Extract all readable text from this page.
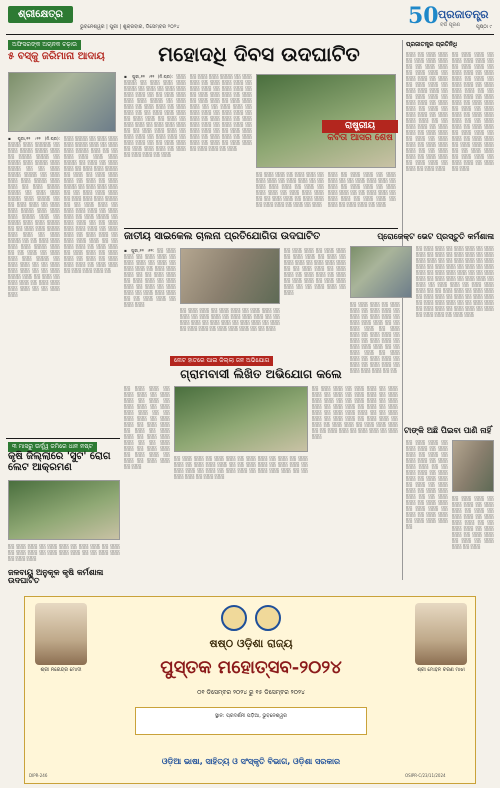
ଶ୍ରୀକ୍ଷେତ୍ର
ଭୁବନେଶ୍ୱର | ପୁରୀ | ଶୁକ୍ରବାର, ଡିସେମ୍ବର ୨୦୨୪	50 ପ୍ରଜାତନ୍ତ୍ର
ବର୍ଷ ପୂରଣ	ପୃଷ୍ଠା ୯
ଅଫିସରଙ୍କ ଅଚାନକ ଚଢ଼ାଉ
୫ ବସ୍‌କୁ ଜରିମାନା ଆଦାୟ
▪ ପୁରୀ,୧୨ ।୧୨ (ନି.ପ୍ର): ░░░░ ░░░ ░░░░░ ░░ ░░░ ░░░░ ░░░░ ░░░ ░░ ░░░░ ░░░░ ░░ ░░░░ ░░░ ░░░░ ░░░ ░░░░ ░░ ░░ ░░░ ░░░░ ░░░░ ░░ ░░░ ░░░ ░░░ ░░░░ ░░░ ░░░ ░░ ░░░ ░░░░ ░░░░ ░░ ░░░ ░░░ ░░░░ ░░░ ░░░░ ░░ ░░ ░░░ ░░░ ░░ ░░░ ░░░ ░░░░ ░░░ ░░░ ░░░ ░░░░ ░░░ ░░ ░░░░ ░░░ ░░░ ░░░░ ░░ ░░ ░░░ ░░░ ░░░░ ░░░ ░░░ ░░ ░░░ ░░░░ ░░ ░░ ░░░ ░░░ ░░░ ░░░ ░░░░ ░░░ ░░ ░░ ░░░ ░░ ░░░ ░░░ ░░░ ░░░░ ░░ ░░░ ░░░ ░░ ░░ ░░░ ░░░ ░░░ ░░ ░░ ░░░ ░░░░ ░░░ ░░ ░░░ ░░ ░░░ ░░░ ░░ ░░░ ░░░ ░░░ ░░░ ░░ ░░ ░░░ ░░░
░░░ ░░░░ ░░ ░░░ ░░░ ░░░ ░░░░ ░░░ ░░ ░░░ ░░░ ░░░░ ░░░ ░░ ░░ ░░░ ░░░ ░░░ ░░░ ░░░░ ░░ ░░░ ░░ ░░░ ░░░ ░░ ░░░ ░░░ ░░░░ ░░ ░░░ ░░ ░░░ ░░░ ░░░ ░░ ░░░ ░░ ░░░ ░░░░ ░░ ░░░ ░░░ ░░░ ░░ ░░ ░░░ ░░░ ░░░ ░░ ░░░ ░░░ ░░░ ░░░░ ░░ ░░ ░░░ ░░░ ░░ ░░░ ░░░ ░░░ ░░ ░░░ ░░░ ░░ ░░░ ░░░░ ░░ ░░░ ░░░ ░░ ░░ ░░░ ░░░ ░░░ ░░░ ░░ ░░░ ░░░ ░░ ░░░ ░░░ ░░ ░░░ ░░░ ░░░ ░░ ░░ ░░░ ░░░ ░░ ░░░ ░░░ ░░ ░░░ ░░░ ░░ ░░░ ░░░ ░░ ░░░ ░░ ░░░ ░░░ ░░░ ░░ ░░░ ░░░ ░░ ░░░ ░░░ ░░░ ░░
ମହୋଦଧି ଦିବସ ଉଦଘାଟିତ
▪ ପୁରୀ,୧୨ ।୧୨ (ନି.ପ୍ର): ░░░ ░░░░ ░░ ░░░ ░░░ ░░░ ░░░░ ░░ ░░░ ░░ ░░░ ░░░ ░░░ ░░░ ░░ ░░ ░░░ ░░░ ░░░ ░░░ ░░░░ ░░ ░░░ ░░░ ░░ ░░░ ░░░ ░░ ░░░ ░░░ ░░ ░░ ░░░ ░░░ ░░░ ░░ ░░░ ░░░ ░░ ░░░ ░░ ░░░ ░░░ ░░ ░░░ ░░░ ░░░ ░░ ░░ ░░░ ░░░ ░░░ ░░ ░░░ ░░░ ░░ ░░░ ░░░ ░░ ░░░ ░░░ ░░ ░░ ░░░ ░░░ ░░ ░░░ ░░░ ░░░ ░░ ░░░ ░░ ░░░ ░░░ ░░ ░░░
░░ ░░░ ░░░ ░░░░ ░░ ░░░ ░░░ ░░ ░░░ ░░░ ░░░ ░░ ░░░ ░░░ ░░ ░░░ ░░░ ░░ ░░ ░░░ ░░░ ░░░ ░░ ░░░ ░░ ░░░ ░░░ ░░ ░░░ ░░░ ░░░ ░░ ░░ ░░░ ░░░ ░░ ░░░ ░░░ ░░ ░░░ ░░░ ░░ ░░░ ░░ ░░░ ░░░ ░░ ░░░ ░░░ ░░░ ░░ ░░░ ░░░ ░░ ░░░ ░░░ ░░ ░░ ░░░ ░░░ ░░░ ░░ ░░░ ░░░ ░░ ░░░ ░░░ ░░ ░░░ ░░ ░░░ ░░░ ░░ ░░░ ░░░ ░░ ░░░
░░ ░░░ ░░░ ░░ ░░░ ░░░ ░░ ░░░ ░░░ ░░ ░░░ ░░░ ░░ ░░ ░░░ ░░░ ░░░ ░░ ░░░ ░░ ░░░ ░░░ ░░ ░░░ ░░░ ░░░ ░░ ░░ ░░░ ░░░ ░░ ░░░ ░░░ ░░ ░░░ ░░░ ░░ ░░░ ░░ ░░░
░░░ ░░ ░░░ ░░░ ░░ ░░░ ░░░ ░░ ░░ ░░░ ░░░ ░░░ ░░ ░░░ ░░ ░░░ ░░░ ░░ ░░░ ░░░ ░░░ ░░ ░░ ░░░ ░░░ ░░ ░░░ ░░░ ░░ ░░░ ░░░ ░░ ░░░ ░░ ░░░ ░░░ ░░ ░░░
ରାଷ୍ଟ୍ରୀୟ
କବିତା ଆସର ଶେଷ
ପ୍ରଜାତନ୍ତ୍ର ପ୍ରତିନିଧି
░░░ ░░ ░░░ ░░░ ░░ ░░░ ░░░ ░░░ ░░ ░░ ░░░ ░░░ ░░ ░░░ ░░░ ░░ ░░░ ░░░ ░░ ░░░ ░░ ░░░ ░░░ ░░ ░░░ ░░░ ░░░ ░░ ░░ ░░░ ░░░ ░░ ░░░ ░░░ ░░ ░░░ ░░░ ░░ ░░░ ░░ ░░░ ░░░ ░░ ░░░ ░░░ ░░░ ░░ ░░ ░░░ ░░░ ░░ ░░░ ░░░ ░░ ░░░ ░░░ ░░ ░░░ ░░ ░░░ ░░░ ░░ ░░░ ░░░ ░░░ ░░ ░░ ░░░ ░░░ ░░ ░░░ ░░░ ░░ ░░░ ░░░ ░░ ░░░ ░░ ░░░ ░░░
░░ ░░░ ░░░ ░░ ░░░ ░░░ ░░░ ░░ ░░ ░░░ ░░░ ░░ ░░░ ░░░ ░░ ░░░ ░░░ ░░ ░░░ ░░ ░░░ ░░░ ░░ ░░░ ░░░ ░░░ ░░ ░░ ░░░ ░░░ ░░ ░░░ ░░░ ░░ ░░░ ░░░ ░░ ░░░ ░░ ░░░ ░░░ ░░ ░░░ ░░░ ░░░ ░░ ░░ ░░░ ░░░ ░░ ░░░ ░░░ ░░ ░░░ ░░░ ░░ ░░░ ░░ ░░░ ░░░ ░░ ░░░ ░░░ ░░░ ░░ ░░ ░░░ ░░░ ░░ ░░░ ░░░ ░░ ░░░ ░░░ ░░ ░░░ ░░ ░░░
ଜାତୀୟ ସାଇକେଲ ଚାଲନା ପ୍ରତିଯୋଗିତା ଉଦଘାଟିତ
▪ ପୁରୀ,୧୨ ।୧୨: ░░ ░░░ ░░░ ░░ ░░░ ░░░ ░░ ░░░ ░░░ ░░ ░░░ ░░ ░░░ ░░░ ░░ ░░░ ░░░ ░░░ ░░ ░░ ░░░ ░░░ ░░ ░░░ ░░░ ░░ ░░░ ░░░ ░░ ░░░ ░░ ░░░ ░░░ ░░ ░░░ ░░░ ░░░ ░░ ░░ ░░░ ░░░ ░░ ░░░ ░░░
░░ ░░░ ░░░ ░░ ░░░ ░░░ ░░ ░░░ ░░░ ░░ ░░░ ░░ ░░░ ░░░ ░░ ░░░ ░░░ ░░░ ░░ ░░ ░░░ ░░░ ░░ ░░░ ░░░ ░░ ░░░ ░░░ ░░ ░░░ ░░ ░░░ ░░░ ░░ ░░░ ░░░ ░░░ ░░ ░░ ░░░ ░░░ ░░ ░░░
░░ ░░░ ░░░ ░░ ░░░ ░░░ ░░ ░░░ ░░░ ░░ ░░░ ░░ ░░░ ░░░ ░░ ░░░ ░░░ ░░░ ░░ ░░ ░░░ ░░░ ░░ ░░░ ░░░ ░░ ░░░ ░░░ ░░ ░░░ ░░ ░░░ ░░░ ░░ ░░░ ░░░ ░░░ ░░ ░░ ░░░
ପ୍ରୋଜେକ୍ଟ ଭେଟ ପ୍ରସ୍ତୁତି କର୍ମଶାଳା
░░ ░░░ ░░░ ░░ ░░░ ░░░ ░░ ░░░ ░░░ ░░ ░░░ ░░ ░░░ ░░░ ░░ ░░░ ░░░ ░░░ ░░ ░░ ░░░ ░░░ ░░ ░░░ ░░░ ░░ ░░░ ░░░ ░░ ░░░ ░░ ░░░ ░░░ ░░ ░░░ ░░░ ░░░ ░░ ░░ ░░░ ░░░ ░░ ░░░ ░░░ ░░ ░░░ ░░░ ░░ ░░░ ░░ ░░░ ░░░ ░░ ░░░ ░░░ ░░░ ░░ ░░
░░ ░░░ ░░░ ░░ ░░░ ░░░ ░░ ░░░ ░░░ ░░ ░░░ ░░ ░░░ ░░░ ░░ ░░░ ░░░ ░░░ ░░ ░░ ░░░ ░░░ ░░ ░░░ ░░░ ░░ ░░░ ░░░ ░░ ░░░ ░░ ░░░ ░░░ ░░ ░░░ ░░░ ░░░ ░░ ░░ ░░░ ░░░ ░░ ░░░ ░░░ ░░ ░░░ ░░░ ░░ ░░░ ░░ ░░░ ░░░ ░░ ░░░ ░░░ ░░░ ░░ ░░ ░░░ ░░░ ░░ ░░░ ░░░ ░░ ░░░ ░░░ ░░ ░░░ ░░ ░░░ ░░░ ░░ ░░░ ░░░ ░░░ ░░ ░░ ░░░ ░░░ ░░ ░░░ ░░░ ░░ ░░░ ░░░ ░░ ░░░ ░░ ░░░ ░░░ ░░ ░░░ ░░░
ନୋଟ ହାତରେ ପାଇ ଜିଲ୍ଲା ଜନ ଅଭିଯୋଗ
ଗ୍ରାମବାସୀ ଲିଖିତ ଅଭିଯୋଗ କଲେ
░░ ░░░ ░░░ ░░ ░░░ ░░░ ░░ ░░░ ░░░ ░░ ░░░ ░░ ░░░ ░░░ ░░ ░░░ ░░░ ░░░ ░░ ░░ ░░░ ░░░ ░░ ░░░ ░░░ ░░ ░░░ ░░░ ░░ ░░░ ░░ ░░░ ░░░ ░░ ░░░ ░░░ ░░░ ░░ ░░ ░░░ ░░░ ░░ ░░░ ░░░ ░░ ░░░ ░░░ ░░ ░░░ ░░ ░░░ ░░░ ░░ ░░░
░░ ░░░ ░░░ ░░ ░░░ ░░░ ░░ ░░░ ░░░ ░░ ░░░ ░░ ░░░ ░░░ ░░ ░░░ ░░░ ░░░ ░░ ░░ ░░░ ░░░ ░░ ░░░ ░░░ ░░ ░░░ ░░░ ░░ ░░░ ░░ ░░░ ░░░ ░░ ░░░ ░░░ ░░░ ░░ ░░ ░░░ ░░░ ░░ ░░░ ░░░ ░░ ░░░ ░░░ ░░ ░░░ ░░ ░░░ ░░░ ░░ ░░░ ░░░ ░░░ ░░ ░░ ░░░ ░░░ ░░ ░░░ ░░░ ░░ ░░░ ░░░
░░ ░░░ ░░░ ░░ ░░░ ░░░ ░░ ░░░ ░░░ ░░ ░░░ ░░ ░░░ ░░░ ░░ ░░░ ░░░ ░░░ ░░ ░░ ░░░ ░░░ ░░ ░░░ ░░░ ░░ ░░░ ░░░ ░░ ░░░ ░░ ░░░ ░░░ ░░ ░░░ ░░░ ░░░ ░░ ░░ ░░░ ░░░ ░░ ░░░ ░░░
ଟାଙ୍କି ଅଛି ପିଇବା ପାଣି ନାହିଁ
░░ ░░░ ░░░ ░░ ░░░ ░░░ ░░ ░░░ ░░░ ░░ ░░░ ░░ ░░░ ░░░ ░░ ░░░ ░░░ ░░░ ░░ ░░ ░░░ ░░░ ░░ ░░░ ░░░ ░░ ░░░ ░░░ ░░ ░░░ ░░ ░░░ ░░░ ░░ ░░░ ░░░ ░░░ ░░ ░░ ░░░ ░░░ ░░ ░░░ ░░░ ░░ ░░░ ░░░ ░░ ░░░ ░░ ░░░ ░░░ ░░ ░░░ ░░░ ░░░ ░░
░░ ░░░ ░░░ ░░ ░░░ ░░░ ░░ ░░░ ░░░ ░░ ░░░ ░░ ░░░ ░░░ ░░ ░░░ ░░░ ░░░ ░░ ░░ ░░░ ░░░ ░░ ░░░ ░░░ ░░ ░░░ ░░░ ░░ ░░░ ░░ ░░░ ░░░ ░░ ░░░
୩ ମାସରୁ ଊର୍ଦ୍ଧ୍ୱ ଜମିରେ ଧାନ ନଷ୍ଟ
କୃଷି ଜିଲ୍ଲାରେ 'ସୁଟ' ରୋଗ ଲେଟ ଆକ୍ରମଣ
░░ ░░░ ░░░ ░░ ░░░ ░░░ ░░ ░░░ ░░░ ░░ ░░░ ░░ ░░░ ░░░ ░░ ░░░ ░░░ ░░░ ░░ ░░ ░░░ ░░░ ░░ ░░░ ░░░
ଜଳବାୟୁ ଅନୁକୂଳ କୃଷି କର୍ମଶାଳା ଉଦଘାଟିତ
ଶ୍ରୀ ନରେନ୍ଦ୍ର ମୋଦୀ	ଶ୍ରୀ ମୋହନ ଚରଣ ମାଝୀ
ଷଷ୍ଠ ଓଡ଼ିଶା ରାଜ୍ୟ
ପୁସ୍ତକ ମହୋତ୍ସବ-୨୦୨୪
୦୧ ଡିସେମ୍ବର ୨୦୨୪ ରୁ ୧୫ ଡିସେମ୍ବର ୨୦୨୪
ସ୍ଥାନ: ପ୍ରଦର୍ଶନୀ ପଡ଼ିଆ, ଭୁବନେଶ୍ୱର
ଓଡ଼ିଆ ଭାଷା, ସାହିତ୍ୟ ଓ ସଂସ୍କୃତି ବିଭାଗ, ଓଡ଼ିଶା ସରକାର
DIPR-246	OSIPR-C/23/11/2024
